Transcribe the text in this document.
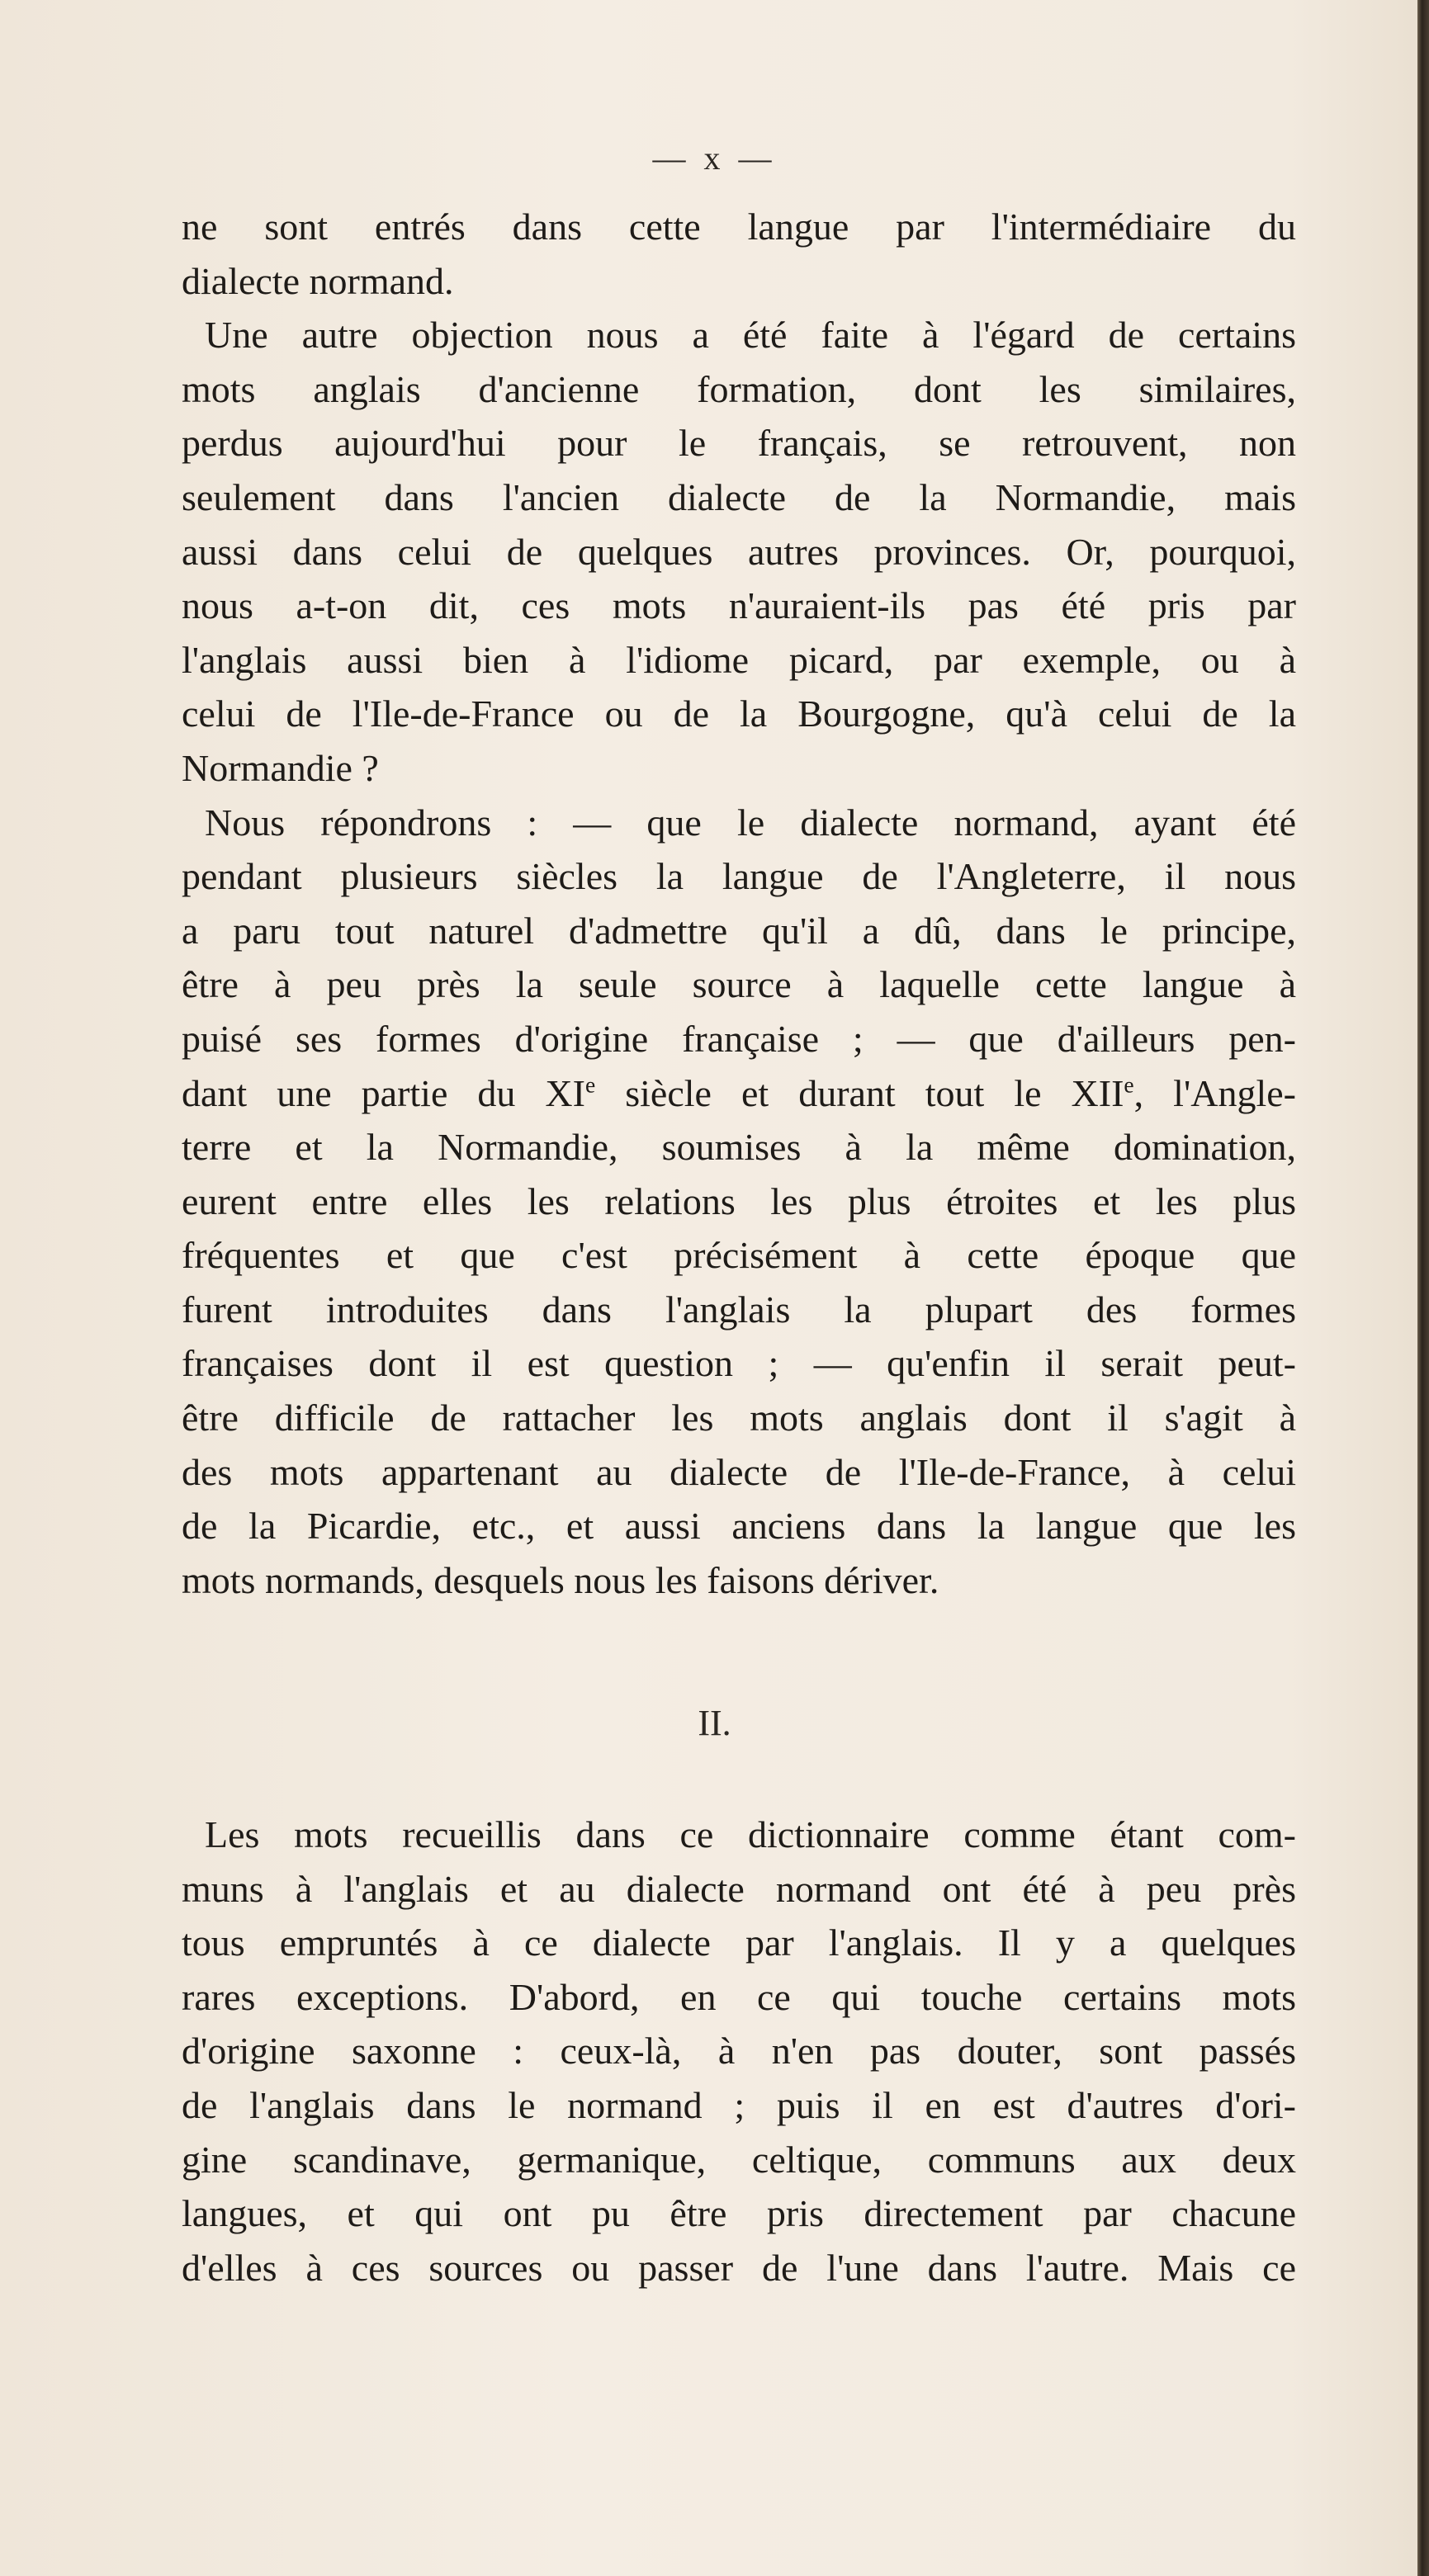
— x —
ne sont entrés dans cette langue par l'intermédiaire du
dialecte normand.
Une autre objection nous a été faite à l'égard de certains
mots anglais d'ancienne formation, dont les similaires,
perdus aujourd'hui pour le français, se retrouvent, non
seulement dans l'ancien dialecte de la Normandie, mais
aussi dans celui de quelques autres provinces. Or, pourquoi,
nous a-t-on dit, ces mots n'auraient-ils pas été pris par
l'anglais aussi bien à l'idiome picard, par exemple, ou à
celui de l'Ile-de-France ou de la Bourgogne, qu'à celui de la
Normandie ?
Nous répondrons : — que le dialecte normand, ayant été
pendant plusieurs siècles la langue de l'Angleterre, il nous
a paru tout naturel d'admettre qu'il a dû, dans le principe,
être à peu près la seule source à laquelle cette langue à
puisé ses formes d'origine française ; — que d'ailleurs pen-
dant une partie du XIe siècle et durant tout le XIIe, l'Angle-
terre et la Normandie, soumises à la même domination,
eurent entre elles les relations les plus étroites et les plus
fréquentes et que c'est précisément à cette époque que
furent introduites dans l'anglais la plupart des formes
françaises dont il est question ; — qu'enfin il serait peut-
être difficile de rattacher les mots anglais dont il s'agit à
des mots appartenant au dialecte de l'Ile-de-France, à celui
de la Picardie, etc., et aussi anciens dans la langue que les
mots normands, desquels nous les faisons dériver.
II.
Les mots recueillis dans ce dictionnaire comme étant com-
muns à l'anglais et au dialecte normand ont été à peu près
tous empruntés à ce dialecte par l'anglais. Il y a quelques
rares exceptions. D'abord, en ce qui touche certains mots
d'origine saxonne : ceux-là, à n'en pas douter, sont passés
de l'anglais dans le normand ; puis il en est d'autres d'ori-
gine scandinave, germanique, celtique, communs aux deux
langues, et qui ont pu être pris directement par chacune
d'elles à ces sources ou passer de l'une dans l'autre. Mais ce
